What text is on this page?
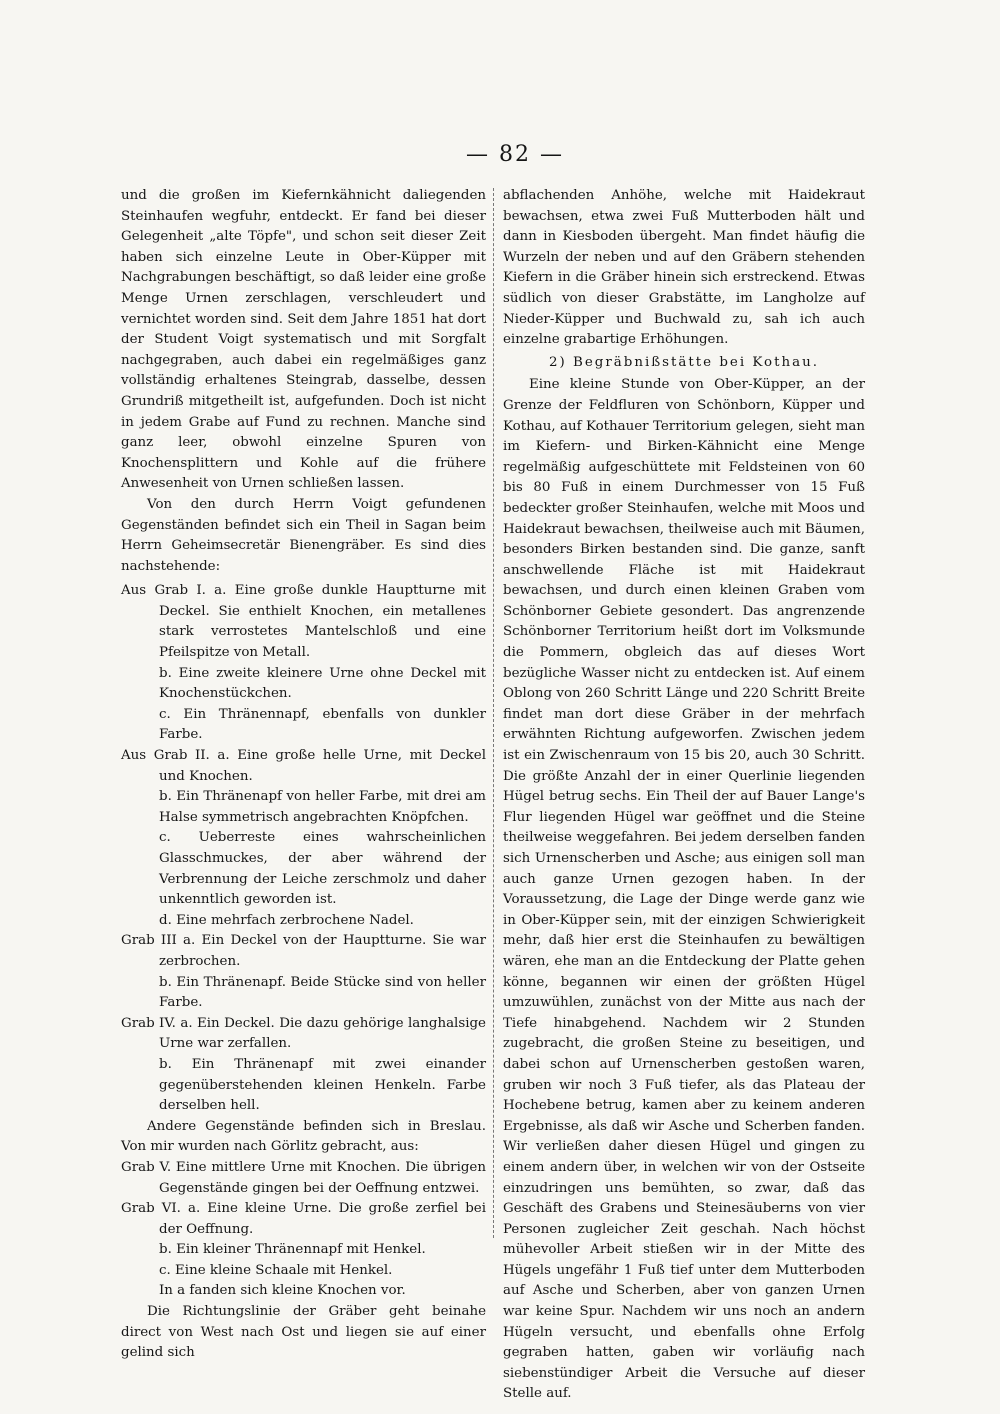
— 82 —

und die großen im Kiefernkähnicht daliegenden Steinhaufen wegfuhr, entdeckt. Er fand bei dieser Gelegenheit „alte Töpfe", und schon seit dieser Zeit haben sich einzelne Leute in Ober-Küpper mit Nachgrabungen beschäftigt, so daß leider eine große Menge Urnen zerschlagen, verschleudert und vernichtet worden sind. Seit dem Jahre 1851 hat dort der Student Voigt systematisch und mit Sorgfalt nachgegraben, auch dabei ein regelmäßiges ganz vollständig erhaltenes Steingrab, dasselbe, dessen Grundriß mitgetheilt ist, aufgefunden. Doch ist nicht in jedem Grabe auf Fund zu rechnen. Manche sind ganz leer, obwohl einzelne Spuren von Knochensplittern und Kohle auf die frühere Anwesenheit von Urnen schließen lassen.

Von den durch Herrn Voigt gefundenen Gegenständen befindet sich ein Theil in Sagan beim Herrn Geheimsecretär Bienengräber. Es sind dies nachstehende:

Aus Grab I. a. Eine große dunkle Hauptturne mit Deckel. Sie enthielt Knochen, ein metallenes stark verrostetes Mantelschloß und eine Pfeilspitze von Metall.

b. Eine zweite kleinere Urne ohne Deckel mit Knochenstückchen.

c. Ein Thränennapf, ebenfalls von dunkler Farbe.

Aus Grab II. a. Eine große helle Urne, mit Deckel und Knochen.

b. Ein Thränenapf von heller Farbe, mit drei am Halse symmetrisch angebrachten Knöpfchen.

c. Ueberreste eines wahrscheinlichen Glasschmuckes, der aber während der Verbrennung der Leiche zerschmolz und daher unkenntlich geworden ist.

d. Eine mehrfach zerbrochene Nadel.

Grab III a. Ein Deckel von der Hauptturne. Sie war zerbrochen.

b. Ein Thränenapf. Beide Stücke sind von heller Farbe.

Grab IV. a. Ein Deckel. Die dazu gehörige langhalsige Urne war zerfallen.

b. Ein Thränenapf mit zwei einander gegenüberstehenden kleinen Henkeln. Farbe derselben hell.

Andere Gegenstände befinden sich in Breslau. Von mir wurden nach Görlitz gebracht, aus:

Grab V. Eine mittlere Urne mit Knochen. Die übrigen Gegenstände gingen bei der Oeffnung entzwei.

Grab VI. a. Eine kleine Urne. Die große zerfiel bei der Oeffnung.

b. Ein kleiner Thränennapf mit Henkel.

c. Eine kleine Schaale mit Henkel.

In a fanden sich kleine Knochen vor.

Die Richtungslinie der Gräber geht beinahe direct von West nach Ost und liegen sie auf einer gelind sich

abflachenden Anhöhe, welche mit Haidekraut bewachsen, etwa zwei Fuß Mutterboden hält und dann in Kiesboden übergeht. Man findet häufig die Wurzeln der neben und auf den Gräbern stehenden Kiefern in die Gräber hinein sich erstreckend. Etwas südlich von dieser Grabstätte, im Langholze auf Nieder-Küpper und Buchwald zu, sah ich auch einzelne grabartige Erhöhungen.

2) Begräbnißstätte bei Kothau.

Eine kleine Stunde von Ober-Küpper, an der Grenze der Feldfluren von Schönborn, Küpper und Kothau, auf Kothauer Territorium gelegen, sieht man im Kiefern- und Birken-Kähnicht eine Menge regelmäßig aufgeschüttete mit Feldsteinen von 60 bis 80 Fuß in einem Durchmesser von 15 Fuß bedeckter großer Steinhaufen, welche mit Moos und Haidekraut bewachsen, theilweise auch mit Bäumen, besonders Birken bestanden sind. Die ganze, sanft anschwellende Fläche ist mit Haidekraut bewachsen, und durch einen kleinen Graben vom Schönborner Gebiete gesondert. Das angrenzende Schönborner Territorium heißt dort im Volksmunde die Pommern, obgleich das auf dieses Wort bezügliche Wasser nicht zu entdecken ist. Auf einem Oblong von 260 Schritt Länge und 220 Schritt Breite findet man dort diese Gräber in der mehrfach erwähnten Richtung aufgeworfen. Zwischen jedem ist ein Zwischenraum von 15 bis 20, auch 30 Schritt. Die größte Anzahl der in einer Querlinie liegenden Hügel betrug sechs. Ein Theil der auf Bauer Lange's Flur liegenden Hügel war geöffnet und die Steine theilweise weggefahren. Bei jedem derselben fanden sich Urnenscherben und Asche; aus einigen soll man auch ganze Urnen gezogen haben. In der Voraussetzung, die Lage der Dinge werde ganz wie in Ober-Küpper sein, mit der einzigen Schwierigkeit mehr, daß hier erst die Steinhaufen zu bewältigen wären, ehe man an die Entdeckung der Platte gehen könne, begannen wir einen der größten Hügel umzuwühlen, zunächst von der Mitte aus nach der Tiefe hinabgehend. Nachdem wir 2 Stunden zugebracht, die großen Steine zu beseitigen, und dabei schon auf Urnenscherben gestoßen waren, gruben wir noch 3 Fuß tiefer, als das Plateau der Hochebene betrug, kamen aber zu keinem anderen Ergebnisse, als daß wir Asche und Scherben fanden. Wir verließen daher diesen Hügel und gingen zu einem andern über, in welchen wir von der Ostseite einzudringen uns bemühten, so zwar, daß das Geschäft des Grabens und Steinesäuberns von vier Personen zugleicher Zeit geschah. Nach höchst mühevoller Arbeit stießen wir in der Mitte des Hügels ungefähr 1 Fuß tief unter dem Mutterboden auf Asche und Scherben, aber von ganzen Urnen war keine Spur. Nachdem wir uns noch an andern Hügeln versucht, und ebenfalls ohne Erfolg gegraben hatten, gaben wir vorläufig nach siebenstündiger Arbeit die Versuche auf dieser Stelle auf.
